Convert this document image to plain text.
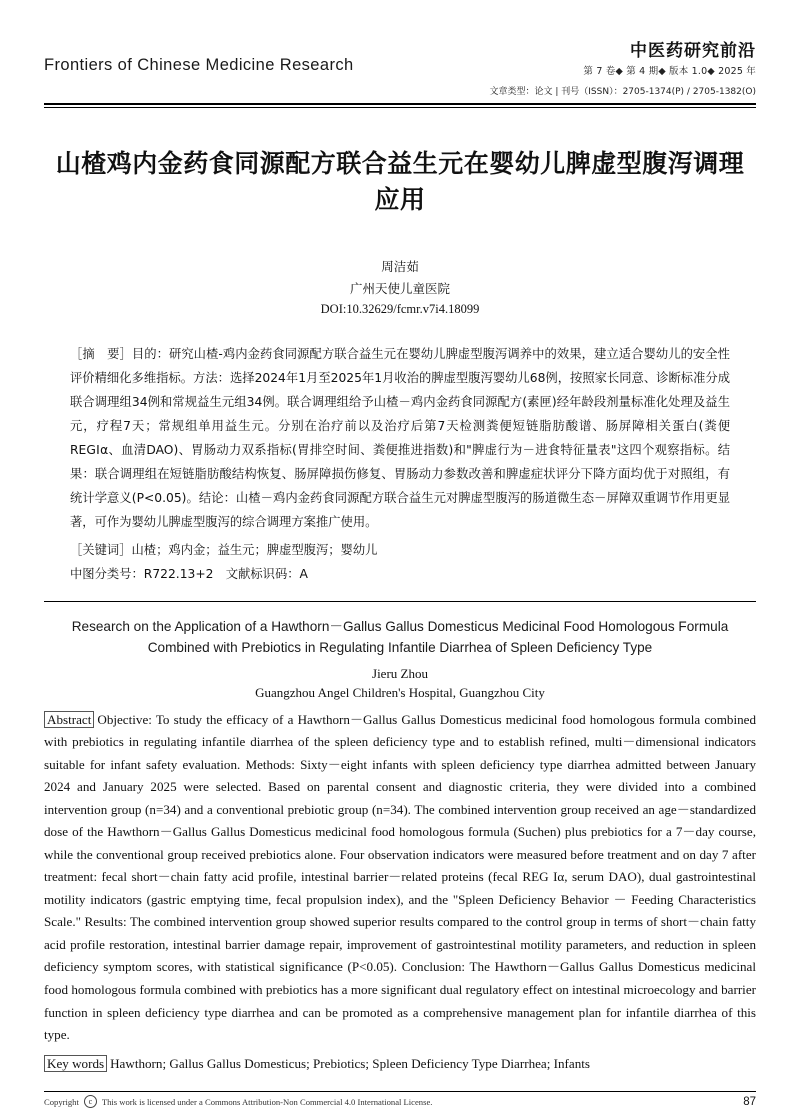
Frontiers of Chinese Medicine Research
中医药研究前沿
第 7 卷◆ 第 4 期◆ 版本 1.0◆ 2025 年
文章类型：论文 | 刊号（ISSN）：2705-1374(P) / 2705-1382(O)
山楂鸡内金药食同源配方联合益生元在婴幼儿脾虚型腹泻调理应用
周洁茹
广州天使儿童医院
DOI:10.32629/fcmr.v7i4.18099
［摘　要］目的：研究山楂-鸡内金药食同源配方联合益生元在婴幼儿脾虚型腹泻调养中的效果，建立适合婴幼儿的安全性评价精细化多维指标。方法：选择2024年1月至2025年1月收治的脾虚型腹泻婴幼儿68例，按照家长同意、诊断标准分成联合调理组34例和常规益生元组34例。联合调理组给予山楂－鸡内金药食同源配方(素匣)经年龄段剂量标准化处理及益生元，疗程7天；常规组单用益生元。分别在治疗前以及治疗后第7天检测粪便短链脂肪酸谱、肠屏障相关蛋白(粪便REGⅠα、血清DAO)、胃肠动力双系指标(胃排空时间、粪便推进指数)和"脾虚行为－进食特征量表"这四个观察指标。结果：联合调理组在短链脂肪酸结构恢复、肠屏障损伤修复、胃肠动力参数改善和脾虚症状评分下降方面均优于对照组，有统计学意义(P<0.05)。结论：山楂－鸡内金药食同源配方联合益生元对脾虚型腹泻的肠道微生态－屏障双重调节作用更显著，可作为婴幼儿脾虚型腹泻的综合调理方案推广使用。
［关键词］山楂；鸡内金；益生元；脾虚型腹泻；婴幼儿
中图分类号：R722.13+2　文献标识码：A
Research on the Application of a Hawthorn－Gallus Gallus Domesticus Medicinal Food Homologous Formula
Combined with Prebiotics in Regulating Infantile Diarrhea of Spleen Deficiency Type
Jieru Zhou
Guangzhou Angel Children's Hospital, Guangzhou City
Abstract Objective: To study the efficacy of a Hawthorn－Gallus Gallus Domesticus medicinal food homologous formula combined with prebiotics in regulating infantile diarrhea of the spleen deficiency type and to establish refined, multi－dimensional indicators suitable for infant safety evaluation. Methods: Sixty－eight infants with spleen deficiency type diarrhea admitted between January 2024 and January 2025 were selected. Based on parental consent and diagnostic criteria, they were divided into a combined intervention group (n=34) and a conventional prebiotic group (n=34). The combined intervention group received an age－standardized dose of the Hawthorn－Gallus Gallus Domesticus medicinal food homologous formula (Suchen) plus prebiotics for a 7－day course, while the conventional group received prebiotics alone. Four observation indicators were measured before treatment and on day 7 after treatment: fecal short－chain fatty acid profile, intestinal barrier－related proteins (fecal REG Iα, serum DAO), dual gastrointestinal motility indicators (gastric emptying time, fecal propulsion index), and the "Spleen Deficiency Behavior － Feeding Characteristics Scale." Results: The combined intervention group showed superior results compared to the control group in terms of short－chain fatty acid profile restoration, intestinal barrier damage repair, improvement of gastrointestinal motility parameters, and reduction in spleen deficiency symptom scores, with statistical significance (P<0.05). Conclusion: The Hawthorn－Gallus Gallus Domesticus medicinal food homologous formula combined with prebiotics has a more significant dual regulatory effect on intestinal microecology and barrier function in spleen deficiency type diarrhea and can be promoted as a comprehensive management plan for infantile diarrhea of this type.
Key words Hawthorn; Gallus Gallus Domesticus; Prebiotics; Spleen Deficiency Type Diarrhea; Infants
Copyright	c	This work is licensed under a Commons Attribution-Non Commercial 4.0 International License.	87
